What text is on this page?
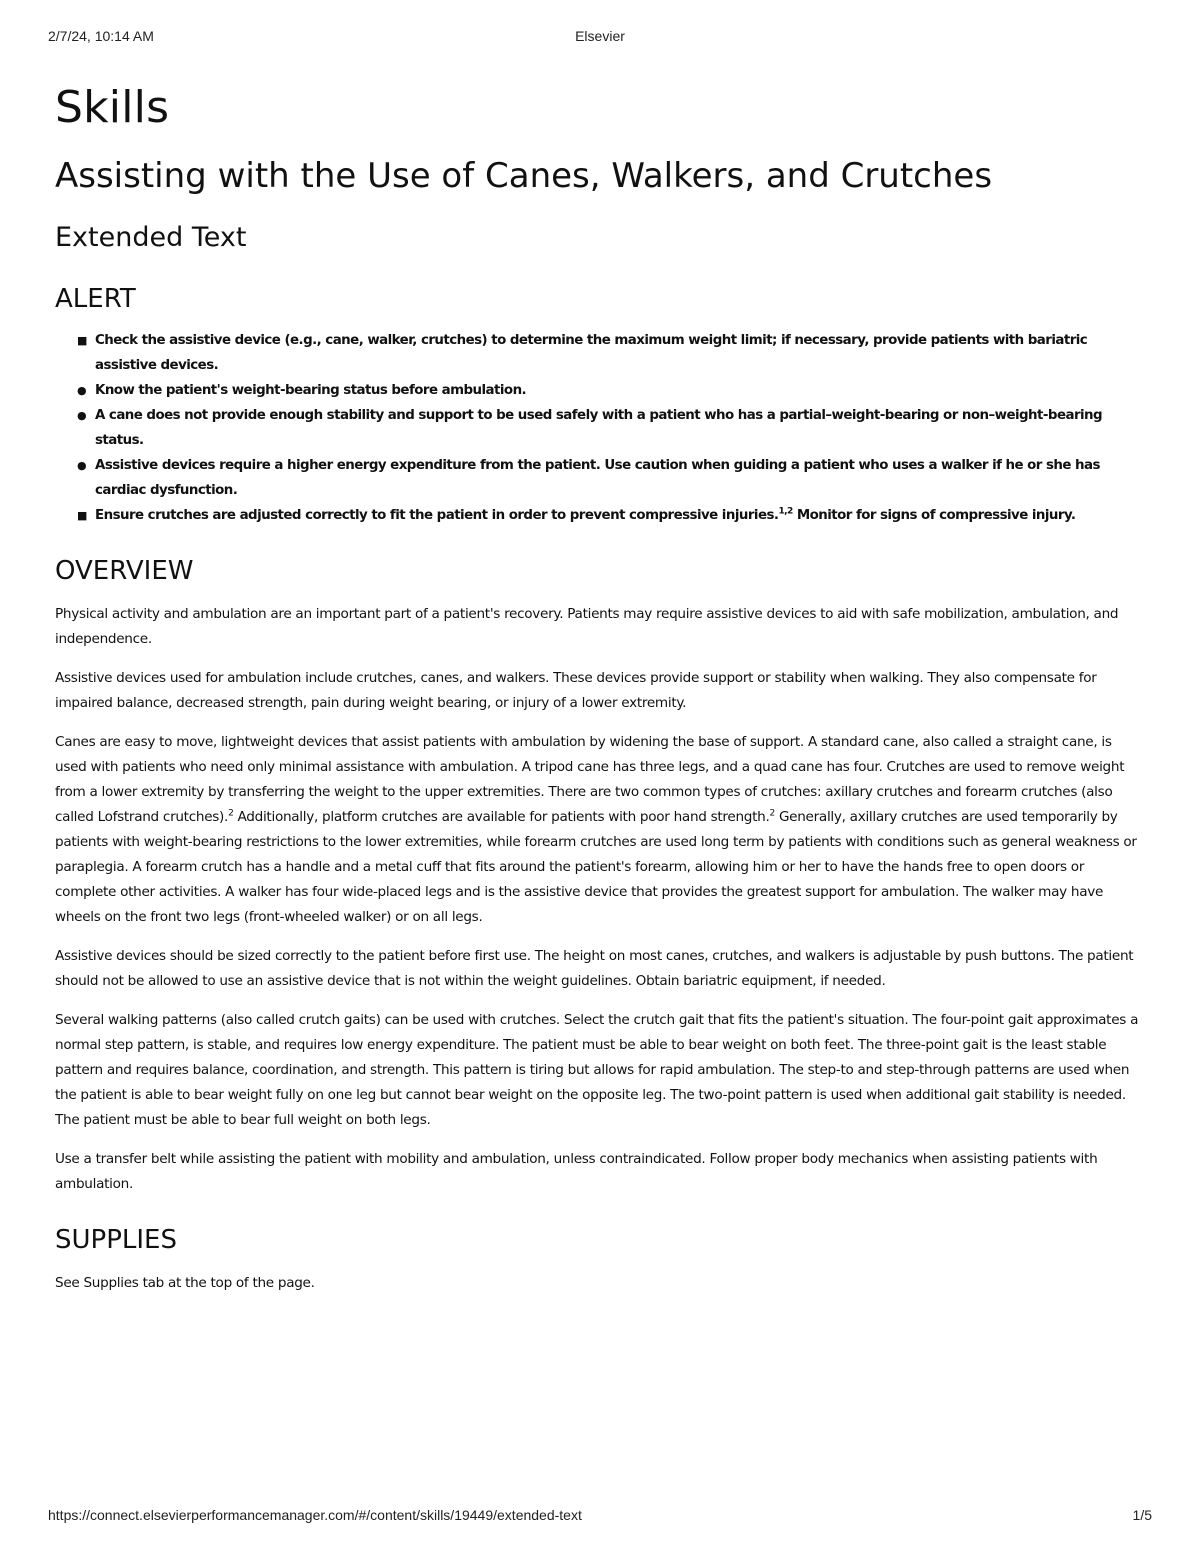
2/7/24, 10:14 AM	Elsevier
Skills
Assisting with the Use of Canes, Walkers, and Crutches
Extended Text
ALERT
■ Check the assistive device (e.g., cane, walker, crutches) to determine the maximum weight limit; if necessary, provide patients with bariatric assistive devices.
● Know the patient's weight-bearing status before ambulation.
● A cane does not provide enough stability and support to be used safely with a patient who has a partial–weight-bearing or non–weight-bearing status.
● Assistive devices require a higher energy expenditure from the patient. Use caution when guiding a patient who uses a walker if he or she has cardiac dysfunction.
■ Ensure crutches are adjusted correctly to fit the patient in order to prevent compressive injuries.$^{1,2}$ Monitor for signs of compressive injury.
OVERVIEW

Physical activity and ambulation are an important part of a patient's recovery. Patients may require assistive devices to aid with safe mobilization, ambulation, and independence.

Assistive devices used for ambulation include crutches, canes, and walkers. These devices provide support or stability when walking. They also compensate for impaired balance, decreased strength, pain during weight bearing, or injury of a lower extremity.

Canes are easy to move, lightweight devices that assist patients with ambulation by widening the base of support. A standard cane, also called a straight cane, is used with patients who need only minimal assistance with ambulation. A tripod cane has three legs, and a quad cane has four. Crutches are used to remove weight from a lower extremity by transferring the weight to the upper extremities. There are two common types of crutches: axillary crutches and forearm crutches (also called Lofstrand crutches).$^2$ Additionally, platform crutches are available for patients with poor hand strength.$^2$ Generally, axillary crutches are used temporarily by patients with weight-bearing restrictions to the lower extremities, while forearm crutches are used long term by patients with conditions such as general weakness or paraplegia. A forearm crutch has a handle and a metal cuff that fits around the patient's forearm, allowing him or her to have the hands free to open doors or complete other activities. A walker has four wide-placed legs and is the assistive device that provides the greatest support for ambulation. The walker may have wheels on the front two legs (front-wheeled walker) or on all legs.

Assistive devices should be sized correctly to the patient before first use. The height on most canes, crutches, and walkers is adjustable by push buttons. The patient should not be allowed to use an assistive device that is not within the weight guidelines. Obtain bariatric equipment, if needed.

Several walking patterns (also called crutch gaits) can be used with crutches. Select the crutch gait that fits the patient's situation. The four-point gait approximates a normal step pattern, is stable, and requires low energy expenditure. The patient must be able to bear weight on both feet. The three-point gait is the least stable pattern and requires balance, coordination, and strength. This pattern is tiring but allows for rapid ambulation. The step-to and step-through patterns are used when the patient is able to bear weight fully on one leg but cannot bear weight on the opposite leg. The two-point pattern is used when additional gait stability is needed. The patient must be able to bear full weight on both legs.

Use a transfer belt while assisting the patient with mobility and ambulation, unless contraindicated. Follow proper body mechanics when assisting patients with ambulation.

SUPPLIES

See Supplies tab at the top of the page.

https://connect.elsevierperformancemanager.com/#/content/skills/19449/extended-text	1/5
